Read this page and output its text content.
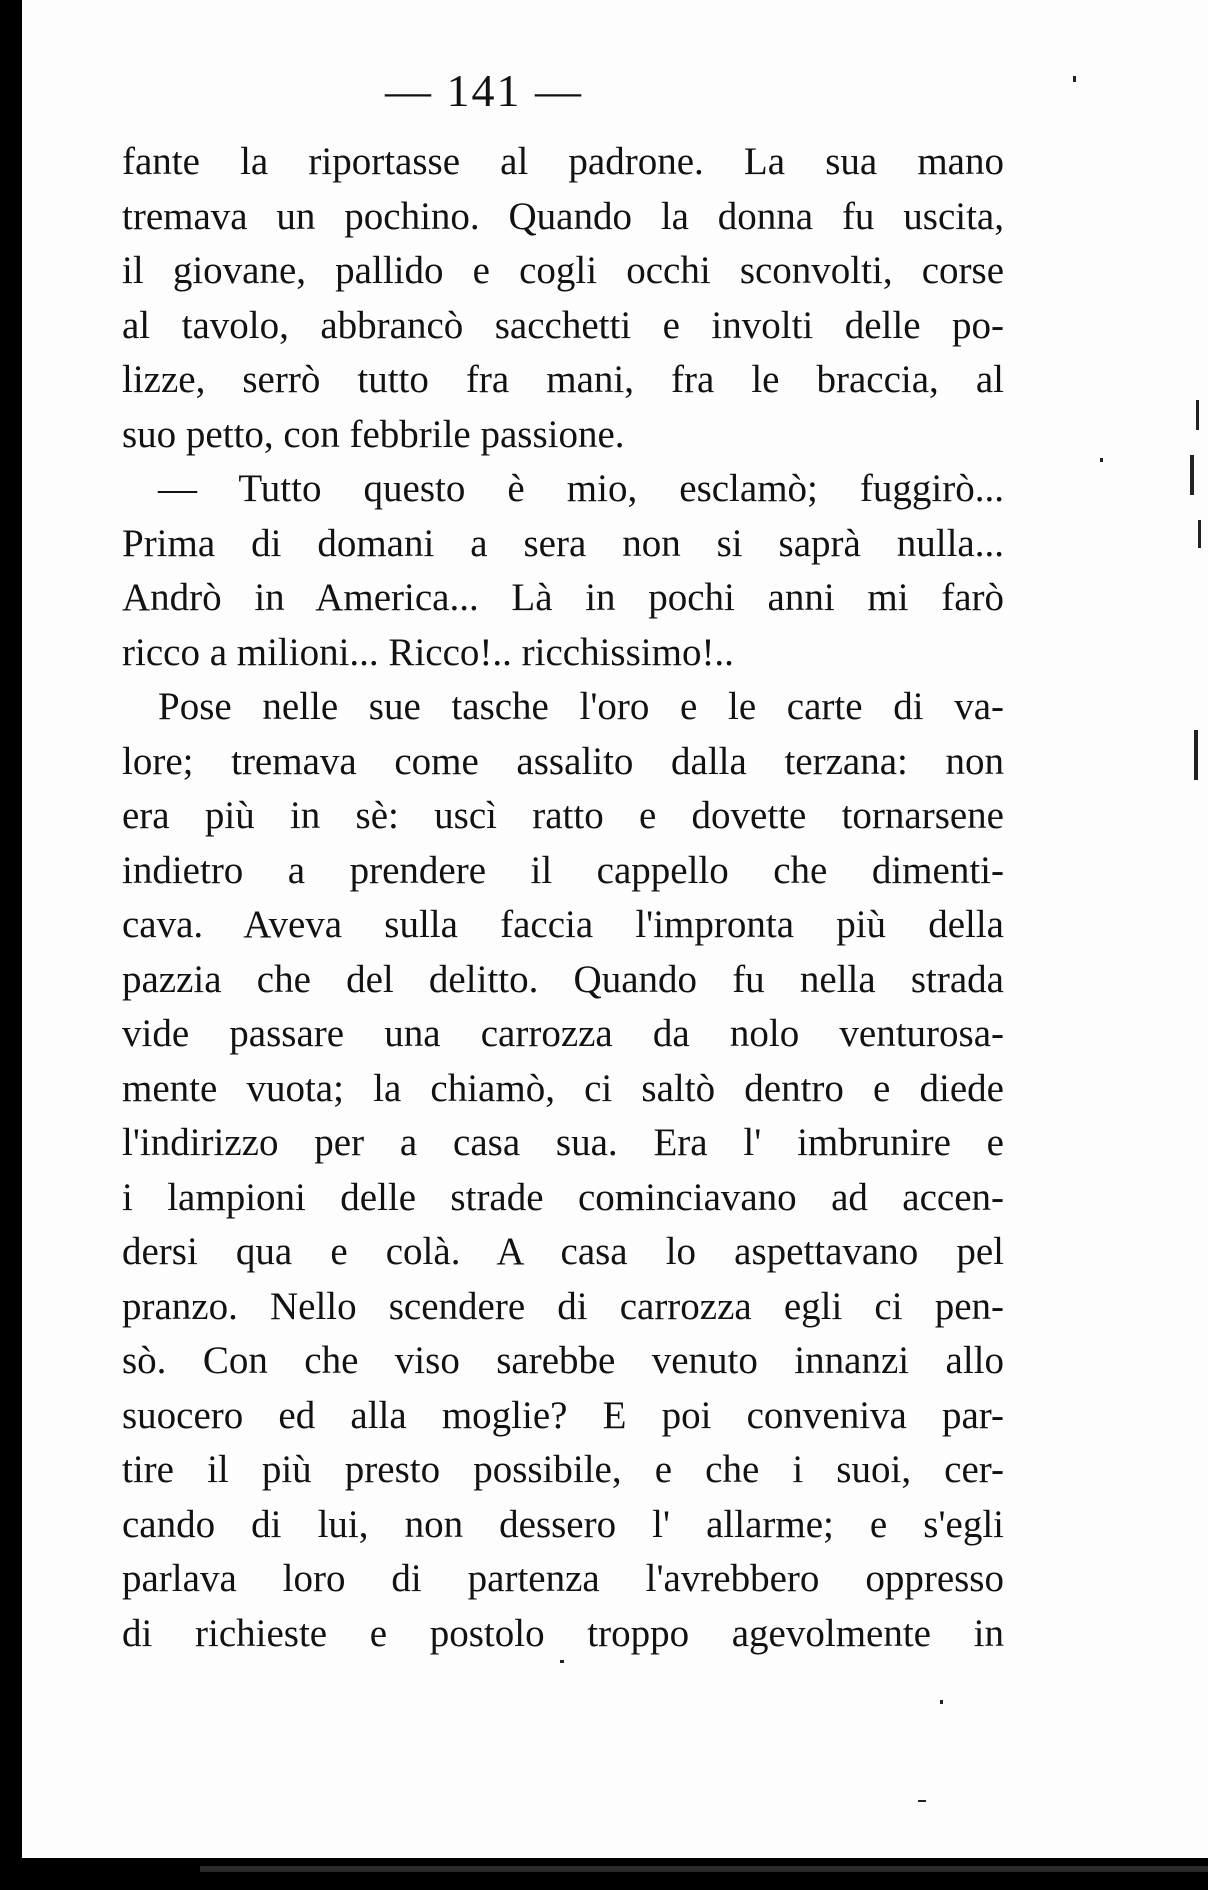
— 141 —

fante la riportasse al padrone. La sua mano

tremava un pochino. Quando la donna fu uscita,

il giovane, pallido e cogli occhi sconvolti, corse

al tavolo, abbrancò sacchetti e involti delle po-

lizze, serrò tutto fra mani, fra le braccia, al

suo petto, con febbrile passione.

— Tutto questo è mio, esclamò; fuggirò...

Prima di domani a sera non si saprà nulla...

Andrò in America... Là in pochi anni mi farò

ricco a milioni... Ricco!.. ricchissimo!..

Pose nelle sue tasche l'oro e le carte di va-

lore; tremava come assalito dalla terzana: non

era più in sè: uscì ratto e dovette tornarsene

indietro a prendere il cappello che dimenti-

cava. Aveva sulla faccia l'impronta più della

pazzia che del delitto. Quando fu nella strada

vide passare una carrozza da nolo venturosa-

mente vuota; la chiamò, ci saltò dentro e diede

l'indirizzo per a casa sua. Era l' imbrunire e

i lampioni delle strade cominciavano ad accen-

dersi qua e colà. A casa lo aspettavano pel

pranzo. Nello scendere di carrozza egli ci pen-

sò. Con che viso sarebbe venuto innanzi allo

suocero ed alla moglie? E poi conveniva par-

tire il più presto possibile, e che i suoi, cer-

cando di lui, non dessero l' allarme; e s'egli

parlava loro di partenza l'avrebbero oppresso

di richieste e postolo troppo agevolmente in
